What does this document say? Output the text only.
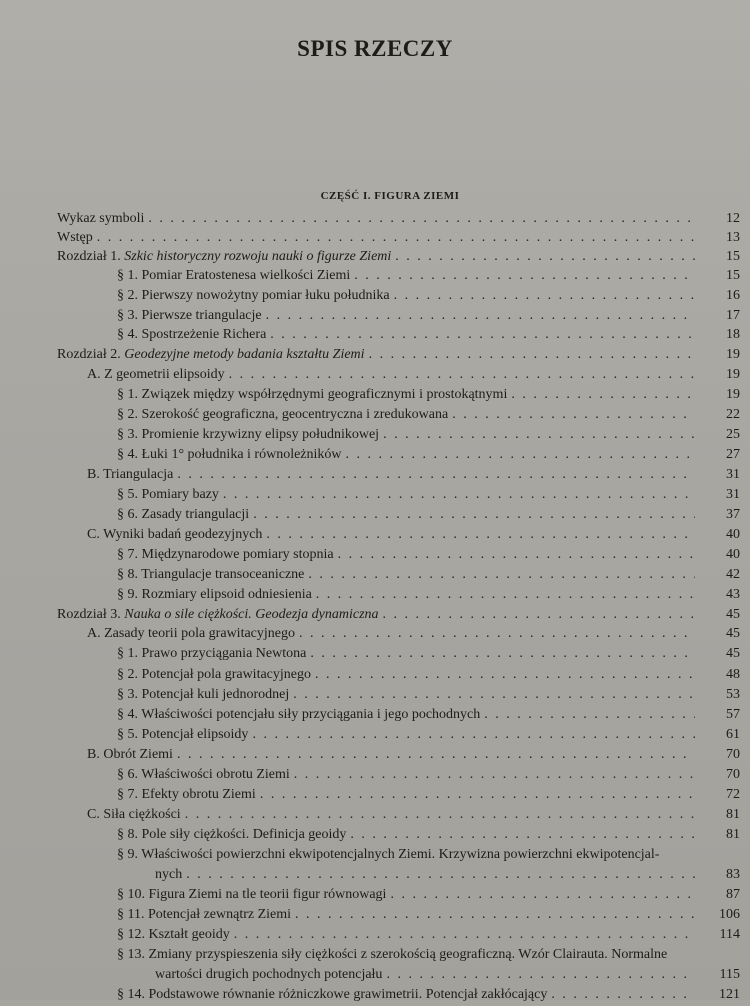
SPIS RZECZY
CZĘŚĆ I. FIGURA ZIEMI
Wykaz symboli	12
. . .
Wstęp	13
. . .
Rozdział 1. Szkic historyczny rozwoju nauki o figurze Ziemi	15
. . .
§ 1. Pomiar Eratostenesa wielkości Ziemi	15
. . .
§ 2. Pierwszy nowożytny pomiar łuku południka	16
. . .
§ 3. Pierwsze triangulacje	17
. . .
§ 4. Spostrzeżenie Richera	18
. . .
Rozdział 2. Geodezyjne metody badania kształtu Ziemi	19
. . .
A. Z geometrii elipsoidy	19
. . .
§ 1. Związek między współrzędnymi geograficznymi i prostokątnymi	19
. . .
§ 2. Szerokość geograficzna, geocentryczna i zredukowana	22
. . .
§ 3. Promienie krzywizny elipsy południkowej	25
. . .
§ 4. Łuki 1° południka i równoleżników	27
. . .
B. Triangulacja	31
. . .
§ 5. Pomiary bazy	31
. . .
§ 6. Zasady triangulacji	37
. . .
C. Wyniki badań geodezyjnych	40
. . .
§ 7. Międzynarodowe pomiary stopnia	40
. . .
§ 8. Triangulacje transoceaniczne	42
. . .
§ 9. Rozmiary elipsoid odniesienia	43
. . .
Rozdział 3. Nauka o sile ciężkości. Geodezja dynamiczna	45
. . .
A. Zasady teorii pola grawitacyjnego	45
. . .
§ 1. Prawo przyciągania Newtona	45
. . .
§ 2. Potencjał pola grawitacyjnego	48
. . .
§ 3. Potencjał kuli jednorodnej	53
. . .
§ 4. Właściwości potencjału siły przyciągania i jego pochodnych	57
. . .
§ 5. Potencjał elipsoidy	61
. . .
B. Obrót Ziemi	70
. . .
§ 6. Właściwości obrotu Ziemi	70
. . .
§ 7. Efekty obrotu Ziemi	72
. . .
C. Siła ciężkości	81
. . .
§ 8. Pole siły ciężkości. Definicja geoidy	81
. . .
§ 9. Właściwości powierzchni ekwipotencjalnych Ziemi. Krzywizna powierzchni ekwipotencjal-
nych	83
. . .
§ 10. Figura Ziemi na tle teorii figur równowagi	87
. . .
§ 11. Potencjał zewnątrz Ziemi	106
. . .
§ 12. Kształt geoidy	114
. . .
§ 13. Zmiany przyspieszenia siły ciężkości z szerokością geograficzną. Wzór Clairauta. Normalne
wartości drugich pochodnych potencjału	115
. . .
§ 14. Podstawowe równanie różniczkowe grawimetrii. Potencjał zakłócający	121
. . .
